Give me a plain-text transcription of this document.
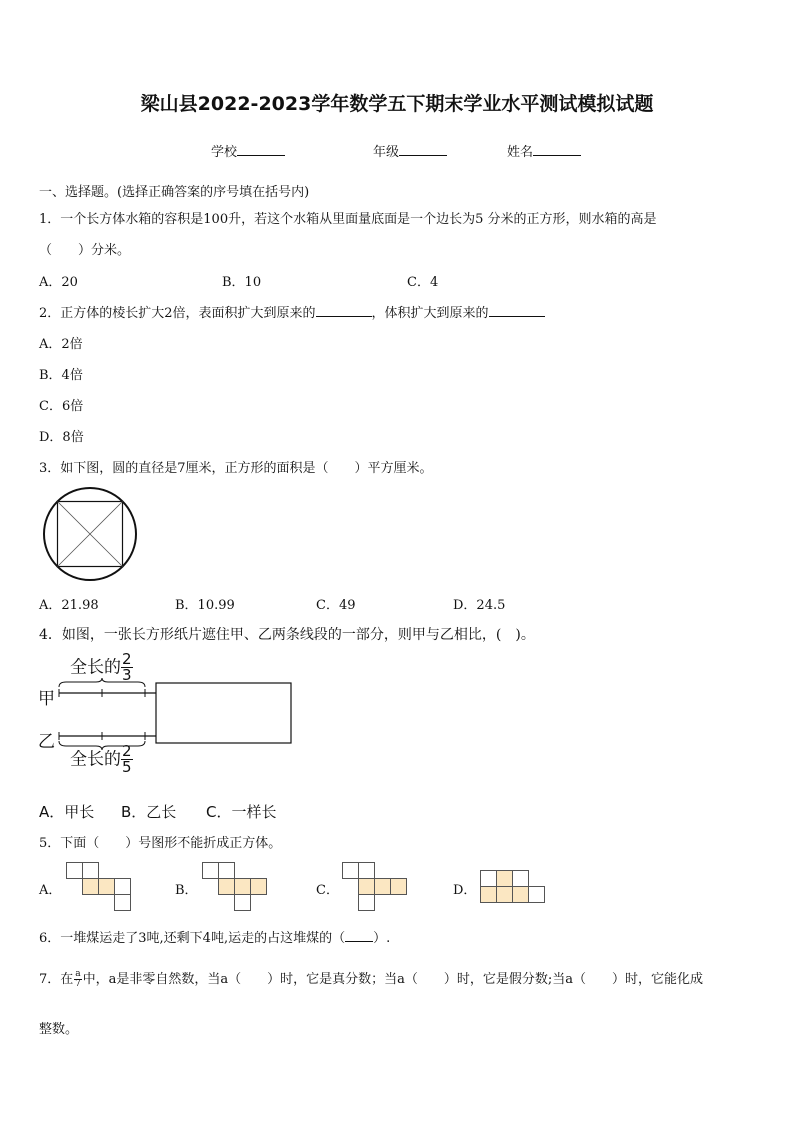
梁山县2022-2023学年数学五下期末学业水平测试模拟试题
学校	年级	姓名
一、选择题。(选择正确答案的序号填在括号内)
1．一个长方体水箱的容积是100升，若这个水箱从里面量底面是一个边长为5 分米的正方形，则水箱的高是
（　　）分米。
A．20	B．10	C．4
2．正方体的棱长扩大2倍，表面积扩大到原来的	，体积扩大到原来的
A．2倍
B．4倍
C．6倍
D．8倍
3．如下图，圆的直径是7厘米，正方形的面积是（　　）平方厘米。
A．21.98	B．10.99	C．49	D．24.5
4．如图，一张长方形纸片遮住甲、乙两条线段的一部分，则甲与乙相比，(　)。
全长的 $\frac{2}{3}$
甲
乙
全长的 $\frac{2}{5}$
A．甲长 B．乙长 C．一样长
5．下面（　　）号图形不能折成正方体。
A．	B．	C．	D．
6．一堆煤运走了3吨,还剩下4吨,运走的占这堆煤的（ ）.
7．在 $\frac{a}{7}$ 中，a是非零自然数，当a（　　）时，它是真分数；当a（　　）时，它是假分数;当a（　　）时，它能化成
整数。
